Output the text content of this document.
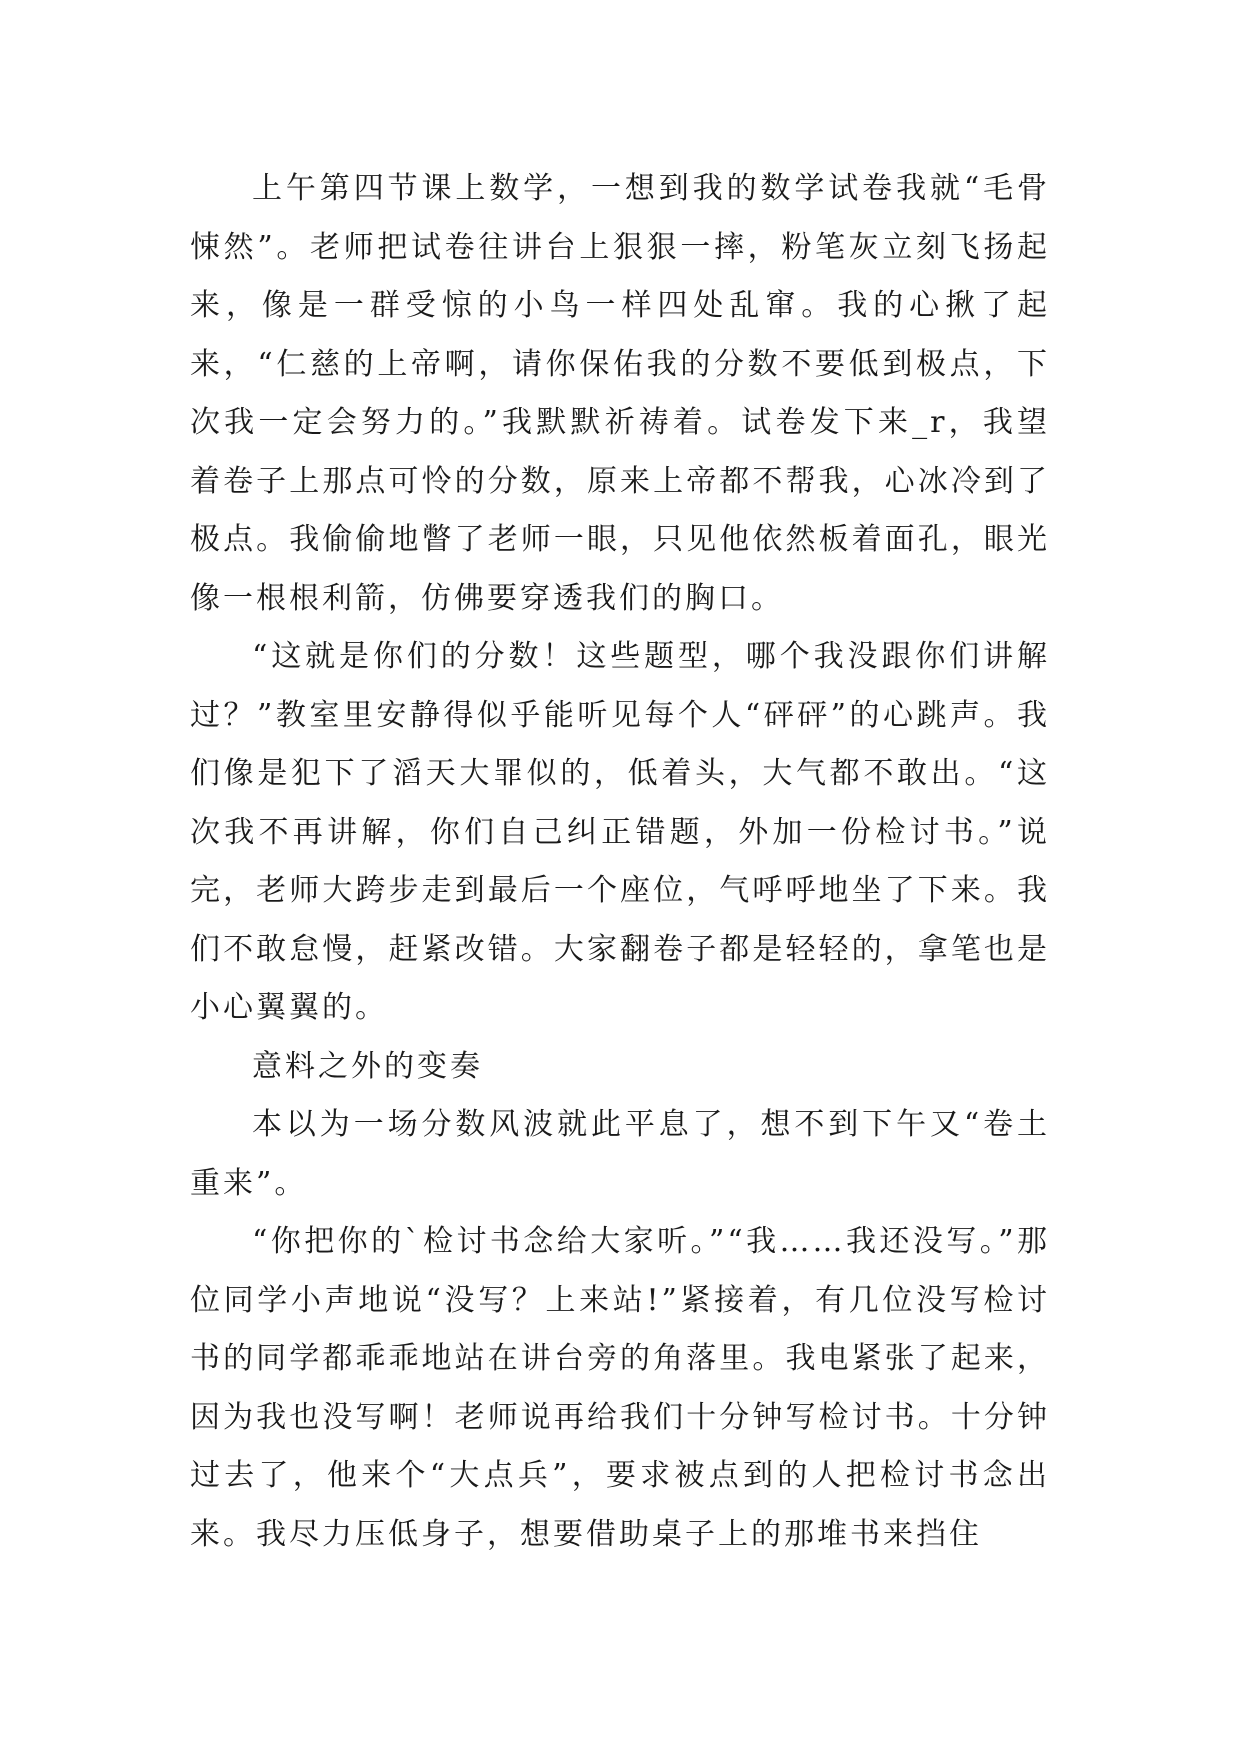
上午第四节课上数学，一想到我的数学试卷我就“毛骨悚然”。老师把试卷往讲台上狠狠一摔，粉笔灰立刻飞扬起来，像是一群受惊的小鸟一样四处乱窜。我的心揪了起来，“仁慈的上帝啊，请你保佑我的分数不要低到极点，下次我一定会努力的。”我默默祈祷着。试卷发下来_r，我望着卷子上那点可怜的分数，原来上帝都不帮我，心冰冷到了极点。我偷偷地瞥了老师一眼，只见他依然板着面孔，眼光像一根根利箭，仿佛要穿透我们的胸口。

“这就是你们的分数！这些题型，哪个我没跟你们讲解过？”教室里安静得似乎能听见每个人“砰砰”的心跳声。我们像是犯下了滔天大罪似的，低着头，大气都不敢出。“这次我不再讲解，你们自己纠正错题，外加一份检讨书。”说完，老师大跨步走到最后一个座位，气呼呼地坐了下来。我们不敢怠慢，赶紧改错。大家翻卷子都是轻轻的，拿笔也是小心翼翼的。

意料之外的变奏

本以为一场分数风波就此平息了，想不到下午又“卷土重来”。

“你把你的`检讨书念给大家听。”“我……我还没写。”那位同学小声地说“没写？上来站!”紧接着，有几位没写检讨书的同学都乖乖地站在讲台旁的角落里。我电紧张了起来，因为我也没写啊！老师说再给我们十分钟写检讨书。十分钟过去了，他来个“大点兵”，要求被点到的人把检讨书念出来。我尽力压低身子，想要借助桌子上的那堆书来挡住
